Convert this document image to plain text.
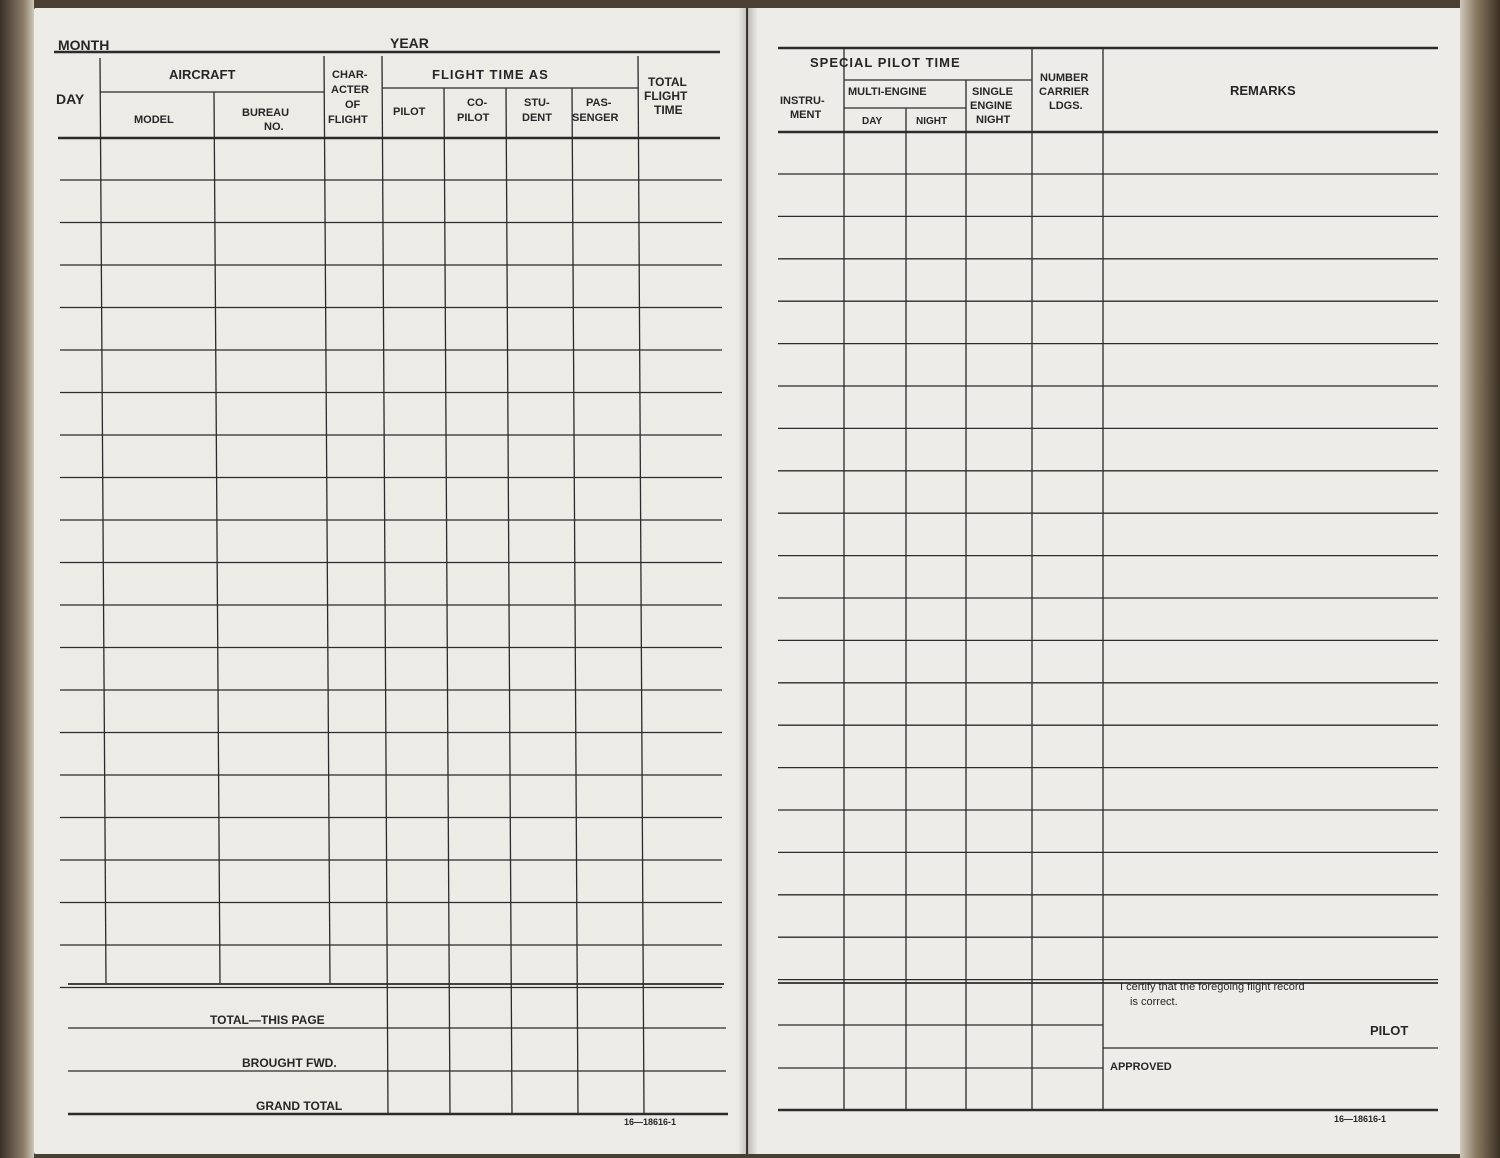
MONTH	YEAR
DAY
AIRCRAFT
MODEL
BUREAU
NO.
CHAR-
ACTER
OF
FLIGHT
FLIGHT TIME AS
PILOT
CO-
PILOT
STU-
DENT
PAS-
SENGER
TOTAL
FLIGHT
TIME
TOTAL—THIS PAGE
BROUGHT FWD.
GRAND TOTAL
16—18616-1
SPECIAL PILOT TIME
INSTRU-
MENT
MULTI-ENGINE
DAY	NIGHT
SINGLE
ENGINE
NIGHT
NUMBER
CARRIER
LDGS.
REMARKS
I certify that the foregoing flight record
is correct.
PILOT
APPROVED
16—18616-1
